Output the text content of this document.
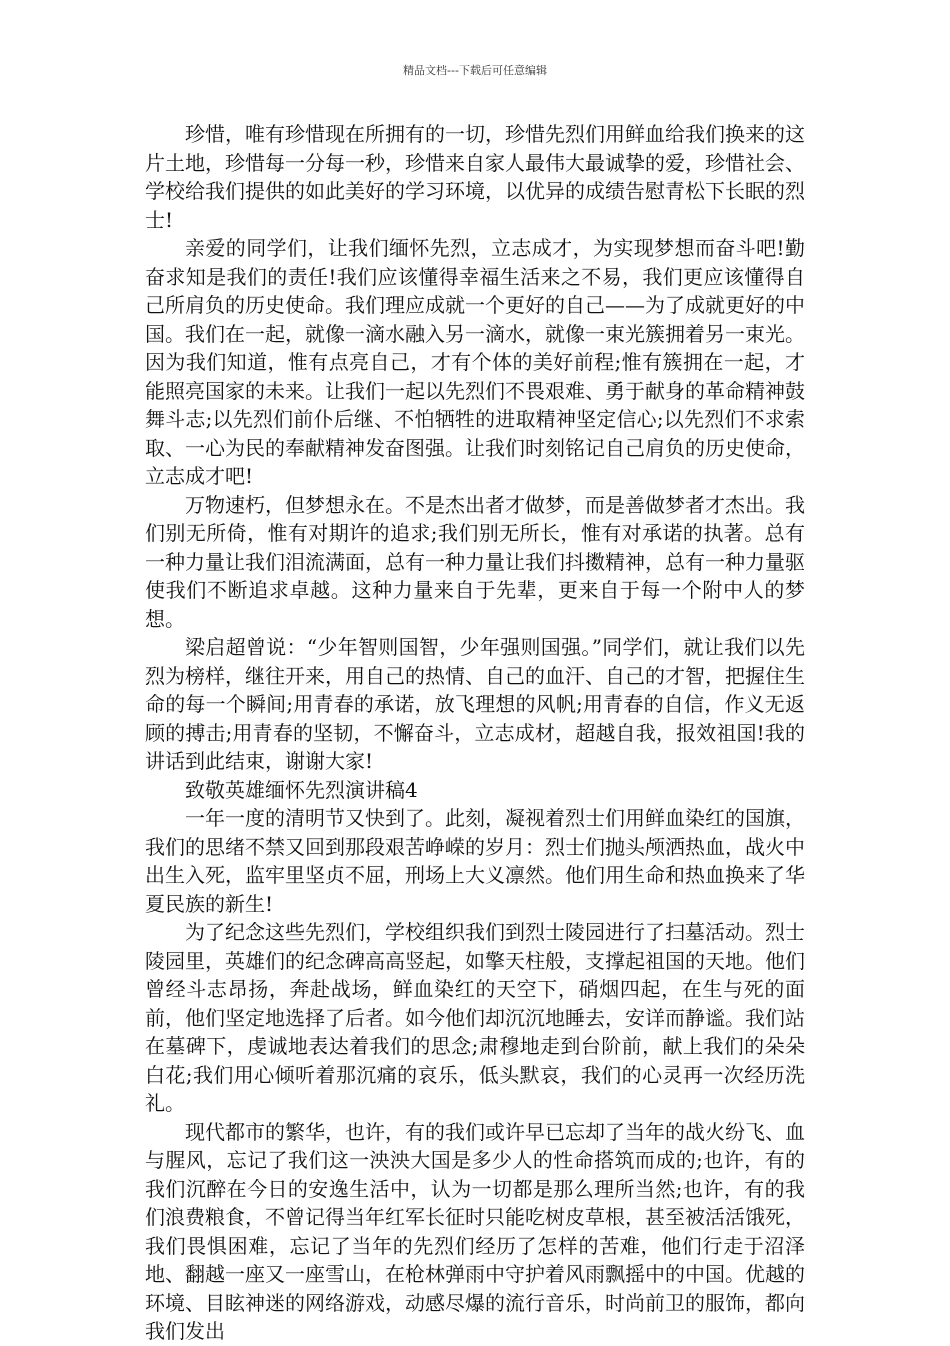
精品文档---下载后可任意编辑

珍惜，唯有珍惜现在所拥有的一切，珍惜先烈们用鲜血给我们换来的这片土地，珍惜每一分每一秒，珍惜来自家人最伟大最诚挚的爱，珍惜社会、学校给我们提供的如此美好的学习环境，以优异的成绩告慰青松下长眠的烈士!

亲爱的同学们，让我们缅怀先烈，立志成才，为实现梦想而奋斗吧!勤奋求知是我们的责任!我们应该懂得幸福生活来之不易，我们更应该懂得自己所肩负的历史使命。我们理应成就一个更好的自己——为了成就更好的中国。我们在一起，就像一滴水融入另一滴水，就像一束光簇拥着另一束光。因为我们知道，惟有点亮自己，才有个体的美好前程;惟有簇拥在一起，才能照亮国家的未来。让我们一起以先烈们不畏艰难、勇于献身的革命精神鼓舞斗志;以先烈们前仆后继、不怕牺牲的进取精神坚定信心;以先烈们不求索取、一心为民的奉献精神发奋图强。让我们时刻铭记自己肩负的历史使命，立志成才吧!

万物速朽，但梦想永在。不是杰出者才做梦，而是善做梦者才杰出。我们别无所倚，惟有对期许的追求;我们别无所长，惟有对承诺的执著。总有一种力量让我们泪流满面，总有一种力量让我们抖擞精神，总有一种力量驱使我们不断追求卓越。这种力量来自于先辈，更来自于每一个附中人的梦想。

梁启超曾说：“少年智则国智，少年强则国强。”同学们，就让我们以先烈为榜样，继往开来，用自己的热情、自己的血汗、自己的才智，把握住生命的每一个瞬间;用青春的承诺，放飞理想的风帆;用青春的自信，作义无返顾的搏击;用青春的坚韧，不懈奋斗，立志成材，超越自我，报效祖国!我的讲话到此结束，谢谢大家!

致敬英雄缅怀先烈演讲稿4

一年一度的清明节又快到了。此刻，凝视着烈士们用鲜血染红的国旗，我们的思绪不禁又回到那段艰苦峥嵘的岁月：烈士们抛头颅洒热血，战火中出生入死，监牢里坚贞不屈，刑场上大义凛然。他们用生命和热血换来了华夏民族的新生!

为了纪念这些先烈们，学校组织我们到烈士陵园进行了扫墓活动。烈士陵园里，英雄们的纪念碑高高竖起，如擎天柱般，支撑起祖国的天地。他们曾经斗志昂扬，奔赴战场，鲜血染红的天空下，硝烟四起，在生与死的面前，他们坚定地选择了后者。如今他们却沉沉地睡去，安详而静谧。我们站在墓碑下，虔诚地表达着我们的思念;肃穆地走到台阶前，献上我们的朵朵白花;我们用心倾听着那沉痛的哀乐，低头默哀，我们的心灵再一次经历洗礼。

现代都市的繁华，也许，有的我们或许早已忘却了当年的战火纷飞、血与腥风，忘记了我们这一泱泱大国是多少人的性命搭筑而成的;也许，有的我们沉醉在今日的安逸生活中，认为一切都是那么理所当然;也许，有的我们浪费粮食，不曾记得当年红军长征时只能吃树皮草根，甚至被活活饿死，我们畏惧困难，忘记了当年的先烈们经历了怎样的苦难，他们行走于沼泽地、翻越一座又一座雪山，在枪林弹雨中守护着风雨飘摇中的中国。优越的环境、目眩神迷的网络游戏，动感尽爆的流行音乐，时尚前卫的服饰，都向我们发出
